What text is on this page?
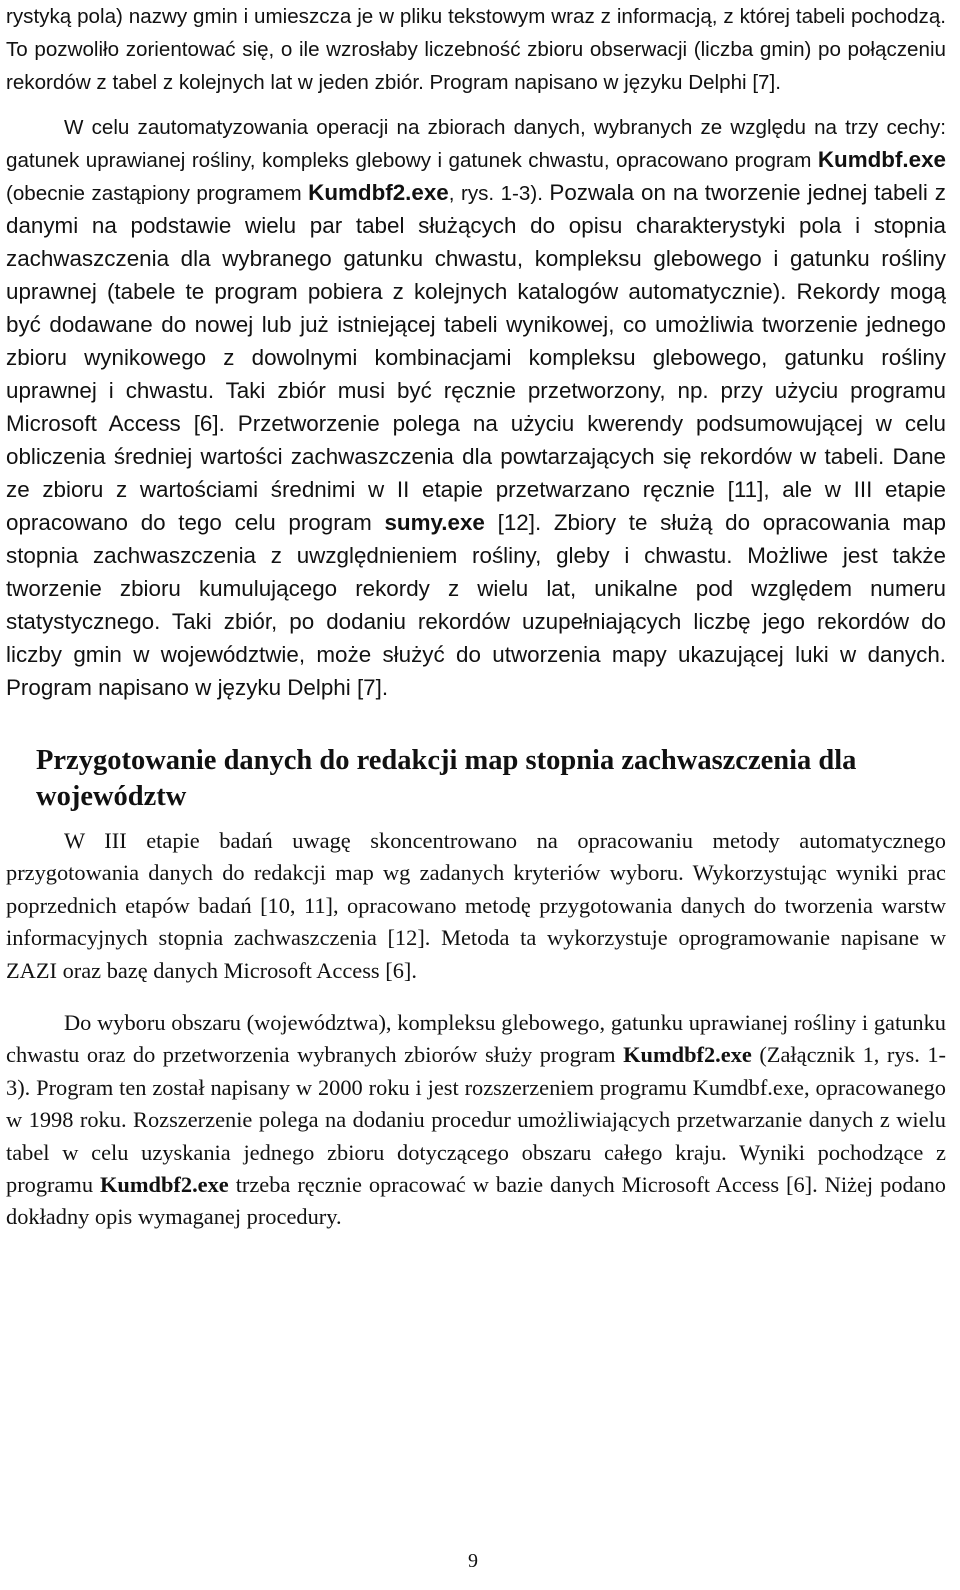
rystyką pola) nazwy gmin i umieszcza je w pliku tekstowym wraz z informacją, z której tabeli pochodzą. To pozwoliło zorientować się, o ile wzrosłaby liczebność zbioru obserwacji (liczba gmin) po połączeniu rekordów z tabel z kolejnych lat w jeden zbiór. Program napisano w języku Delphi [7].

W celu zautomatyzowania operacji na zbiorach danych, wybranych ze względu na trzy cechy: gatunek uprawianej rośliny, kompleks glebowy i gatunek chwastu, opracowano program Kumdbf.exe (obecnie zastąpiony programem Kumdbf2.exe, rys. 1-3). Pozwala on na tworzenie jednej tabeli z danymi na podstawie wielu par tabel służących do opisu charakterystyki pola i stopnia zachwaszczenia dla wybranego gatunku chwastu, kompleksu glebowego i gatunku rośliny uprawnej (tabele te program pobiera z kolejnych katalogów automatycznie). Rekordy mogą być dodawane do nowej lub już istniejącej tabeli wynikowej, co umożliwia tworzenie jednego zbioru wynikowego z dowolnymi kombinacjami kompleksu glebowego, gatunku rośliny uprawnej i chwastu. Taki zbiór musi być ręcznie przetworzony, np. przy użyciu programu Microsoft Access [6]. Przetworzenie polega na użyciu kwerendy podsumowującej w celu obliczenia średniej wartości zachwaszczenia dla powtarzających się rekordów w tabeli. Dane ze zbioru z wartościami średnimi w II etapie przetwarzano ręcznie [11], ale w III etapie opracowano do tego celu program sumy.exe [12]. Zbiory te służą do opracowania map stopnia zachwaszczenia z uwzględnieniem rośliny, gleby i chwastu. Możliwe jest także tworzenie zbioru kumulującego rekordy z wielu lat, unikalne pod względem numeru statystycznego. Taki zbiór, po dodaniu rekordów uzupełniających liczbę jego rekordów do liczby gmin w województwie, może służyć do utworzenia mapy ukazującej luki w danych. Program napisano w języku Delphi [7].

Przygotowanie danych do redakcji map stopnia zachwaszczenia dla województw

W III etapie badań uwagę skoncentrowano na opracowaniu metody automatycznego przygotowania danych do redakcji map wg zadanych kryteriów wyboru. Wykorzystując wyniki prac poprzednich etapów badań [10, 11], opracowano metodę przygotowania danych do tworzenia warstw informacyjnych stopnia zachwaszczenia [12]. Metoda ta wykorzystuje oprogramowanie napisane w ZAZI oraz bazę danych Microsoft Access [6].

Do wyboru obszaru (województwa), kompleksu glebowego, gatunku uprawianej rośliny i gatunku chwastu oraz do przetworzenia wybranych zbiorów służy program Kumdbf2.exe (Załącznik 1, rys. 1-3). Program ten został napisany w 2000 roku i jest rozszerzeniem programu Kumdbf.exe, opracowanego w 1998 roku. Rozszerzenie polega na dodaniu procedur umożliwiających przetwarzanie danych z wielu tabel w celu uzyskania jednego zbioru dotyczącego obszaru całego kraju. Wyniki pochodzące z programu Kumdbf2.exe trzeba ręcznie opracować w bazie danych Microsoft Access [6]. Niżej podano dokładny opis wymaganej procedury.

9
